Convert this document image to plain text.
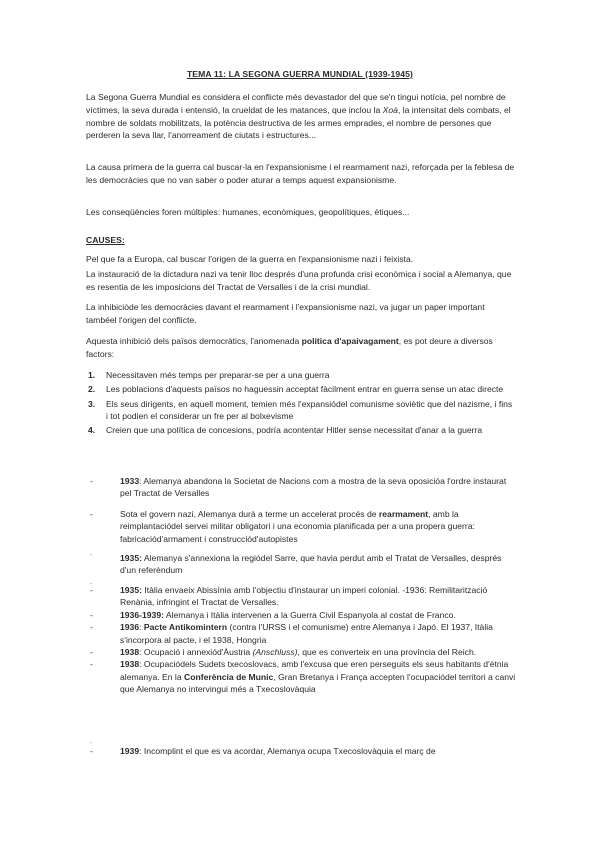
TEMA 11: LA SEGONA GUERRA MUNDIAL (1939-1945)

La Segona Guerra Mundial es considera el conflicte més devastador del que se'n tingui notícia, pel nombre de víctimes, la seva durada i entensió, la crueldat de les matances, que inclou la Xoà, la intensitat dels combats, el nombre de soldats mobilitzats, la potència destructiva de les armes emprades, el nombre de persones que perderen la seva llar, l'anorreament de ciutats i estructures...

La causa primera de la guerra cal buscar-la en l'expansionisme i el rearmament nazi, reforçada per la feblesa de les democràcies que no van saber o poder aturar a temps aquest expansionisme.

Les conseqüències foren múltiples: humanes, econòmiques, geopolítiques, ètiques...

CAUSES:

Pel que fa a Europa, cal buscar l'origen de la guerra en l'expansionisme nazi i feixista.

La instauració de la dictadura nazi va tenir lloc després d'una profunda crisi econòmica i social a Alemanya, que es resentia de les imposicions del Tractat de Versalles i de la crisi mundial.

La inhibiciòde les democràcies davant el rearmament i l'expansionisme nazi, va jugar un paper important tambéel l'origen del conflicte.

Aquesta inhibició dels països democràtics, l'anomenada política d'apaivagament, es pot deure a diversos factors:

1. Necessitaven més temps per preparar-se per a una guerra
2. Les poblacions d'aquests països no haguessin acceptat fàcilment entrar en guerra sense un atac directe
3. Els seus dirigents, en aquell moment, temien més l'expansiódel comunisme soviètic que del nazisme, i fins i tot podien el considerar un fre per al bolxevisme
4. Creien que una política de concesions, podría acontentar Hitler sense necessitat d'anar a la guerra
-	1933: Alemanya abandona la Societat de Nacions com a mostra de la seva oposicióa l'ordre instaurat pel Tractat de Versalles
-	Sota el govern nazi, Alemanya durà a terme un accelerat procés de rearmament, amb la reimplantaciódel servei militar obligatori i una economia planificada per a una propera guerra: fabricaciód'armament i construcciód'autopistes
.
1935: Alemanya s'annexiona la regiódel Sarre, que havia perdut amb el Tratat de Versalles, després d'un referèndum
.
-	1935: Itàlia envaeix Abissínia amb l'objectiu d'instaurar un imperi colonial. -1936: Remilitarització Renània, infringint el Tractat de Versalles.
-	1936-1939: Alemanya i Itàlia intervenen a la Guerra Civil Espanyola al costat de Franco.
-	1936: Pacte Antikomintern (contra l'URSS i el comunisme) entre Alemanya i Japó. El 1937, Itàlia s'incorpora al pacte, i el 1938, Hongria
-	1938: Ocupació i annexiód'Àustria (Anschluss), que es converteix en una província del Reich.
-	1938: Ocupaciódels Sudets txecoslovacs, amb l'excusa que eren perseguits els seus habitants d'ètnia alemanya. En la Conferència de Munic, Gran Bretanya i França accepten l'ocupaciódel territori a canvi que Alemanya no intervingui més a Txecoslovàquia
.
-	1939: Incomplint el que es va acordar, Alemanya ocupa Txecoslovàquia el març de
